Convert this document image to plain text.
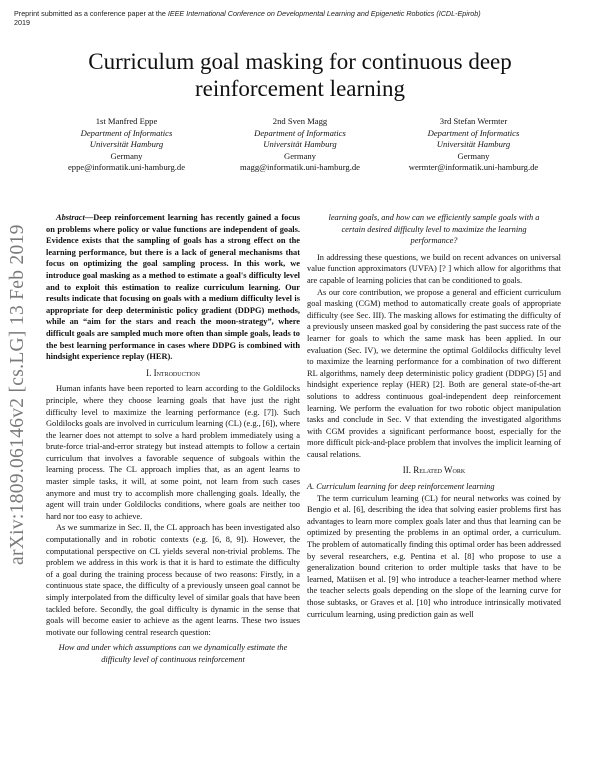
Preprint submitted as a conference paper at the IEEE International Conference on Developmental Learning and Epigenetic Robotics (ICDL-Epirob)
2019
Curriculum goal masking for continuous deep reinforcement learning
1st Manfred Eppe
Department of Informatics
Universität Hamburg
Germany
eppe@informatik.uni-hamburg.de
2nd Sven Magg
Department of Informatics
Universität Hamburg
Germany
magg@informatik.uni-hamburg.de
3rd Stefan Wermter
Department of Informatics
Universität Hamburg
Germany
wermter@informatik.uni-hamburg.de
arXiv:1809.06146v2 [cs.LG] 13 Feb 2019

Abstract—Deep reinforcement learning has recently gained a focus on problems where policy or value functions are independent of goals. Evidence exists that the sampling of goals has a strong effect on the learning performance, but there is a lack of general mechanisms that focus on optimizing the goal sampling process. In this work, we introduce goal masking as a method to estimate a goal's difficulty level and to exploit this estimation to realize curriculum learning. Our results indicate that focusing on goals with a medium difficulty level is appropriate for deep deterministic policy gradient (DDPG) methods, while an “aim for the stars and reach the moon-strategy”, where difficult goals are sampled much more often than simple goals, leads to the best learning performance in cases where DDPG is combined with hindsight experience replay (HER).

I. Introduction

Human infants have been reported to learn according to the Goldilocks principle, where they choose learning goals that have just the right difficulty level to maximize the learning performance (e.g. [7]). Such Goldilocks goals are involved in curriculum learning (CL) (e.g., [6]), where the learner does not attempt to solve a hard problem immediately using a brute-force trial-and-error strategy but instead attempts to follow a certain curriculum that involves a favorable sequence of subgoals within the learning process. The CL approach implies that, as an agent learns to master simple tasks, it will, at some point, not learn from such cases anymore and must try to accomplish more challenging goals. Ideally, the agent will train under Goldilocks conditions, where goals are neither too hard nor too easy to achieve.

As we summarize in Sec. II, the CL approach has been investigated also computationally and in robotic contexts (e.g. [6, 8, 9]). However, the computational perspective on CL yields several non-trivial problems. The problem we address in this work is that it is hard to estimate the difficulty of a goal during the training process because of two reasons: Firstly, in a continuous state space, the difficulty of a previously unseen goal cannot be simply interpolated from the difficulty level of similar goals that have been tackled before. Secondly, the goal difficulty is dynamic in the sense that goals will become easier to achieve as the agent learns. These two issues motivate our following central research question:

How and under which assumptions can we dynamically estimate the difficulty level of continuous reinforcement

learning goals, and how can we efficiently sample goals with a certain desired difficulty level to maximize the learning performance?

In addressing these questions, we build on recent advances on universal value function approximators (UVFA) [? ] which allow for algorithms that are capable of learning policies that can be conditioned to goals.

As our core contribution, we propose a general and efficient curriculum goal masking (CGM) method to automatically create goals of appropriate difficulty (see Sec. III). The masking allows for estimating the difficulty of a previously unseen masked goal by considering the past success rate of the learner for goals to which the same mask has been applied. In our evaluation (Sec. IV), we determine the optimal Goldilocks difficulty level to maximize the learning performance for a combination of two different RL algorithms, namely deep deterministic policy gradient (DDPG) [5] and hindsight experience replay (HER) [2]. Both are general state-of-the-art solutions to address continuous goal-independent deep reinforcement learning. We perform the evaluation for two robotic object manipulation tasks and conclude in Sec. V that extending the investigated algorithms with CGM provides a significant performance boost, especially for the more difficult pick-and-place problem that involves the implicit learning of causal relations.

II. Related Work

A. Curriculum learning for deep reinforcement learning

The term curriculum learning (CL) for neural networks was coined by Bengio et al. [6], describing the idea that solving easier problems first has advantages to learn more complex goals later and thus that learning can be optimized by presenting the problems in an optimal order, a curriculum. The problem of automatically finding this optimal order has been addressed by several researchers, e.g. Pentina et al. [8] who propose to use a generalization bound criterion to order multiple tasks that have to be learned, Matiisen et al. [9] who introduce a teacher-learner method where the teacher selects goals depending on the slope of the learning curve for those subtasks, or Graves et al. [10] who introduce intrinsically motivated curriculum learning, using prediction gain as well
